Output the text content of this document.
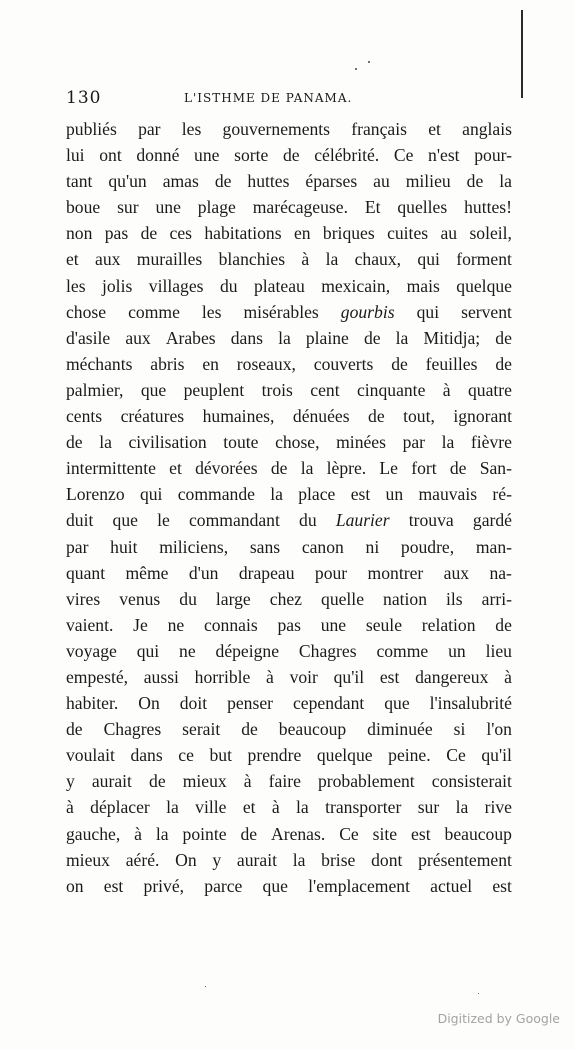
130	L'ISTHME DE PANAMA.
publiés par les gouvernements français et anglais
lui ont donné une sorte de célébrité. Ce n'est pour-
tant qu'un amas de huttes éparses au milieu de la
boue sur une plage marécageuse. Et quelles huttes!
non pas de ces habitations en briques cuites au soleil,
et aux murailles blanchies à la chaux, qui forment
les jolis villages du plateau mexicain, mais quelque
chose comme les misérables gourbis qui servent
d'asile aux Arabes dans la plaine de la Mitidja; de
méchants abris en roseaux, couverts de feuilles de
palmier, que peuplent trois cent cinquante à quatre
cents créatures humaines, dénuées de tout, ignorant
de la civilisation toute chose, minées par la fièvre
intermittente et dévorées de la lèpre. Le fort de San-
Lorenzo qui commande la place est un mauvais ré-
duit que le commandant du Laurier trouva gardé
par huit miliciens, sans canon ni poudre, man-
quant même d'un drapeau pour montrer aux na-
vires venus du large chez quelle nation ils arri-
vaient. Je ne connais pas une seule relation de
voyage qui ne dépeigne Chagres comme un lieu
empesté, aussi horrible à voir qu'il est dangereux à
habiter. On doit penser cependant que l'insalubrité
de Chagres serait de beaucoup diminuée si l'on
voulait dans ce but prendre quelque peine. Ce qu'il
y aurait de mieux à faire probablement consisterait
à déplacer la ville et à la transporter sur la rive
gauche, à la pointe de Arenas. Ce site est beaucoup
mieux aéré. On y aurait la brise dont présentement
on est privé, parce que l'emplacement actuel est
Digitized by Google
